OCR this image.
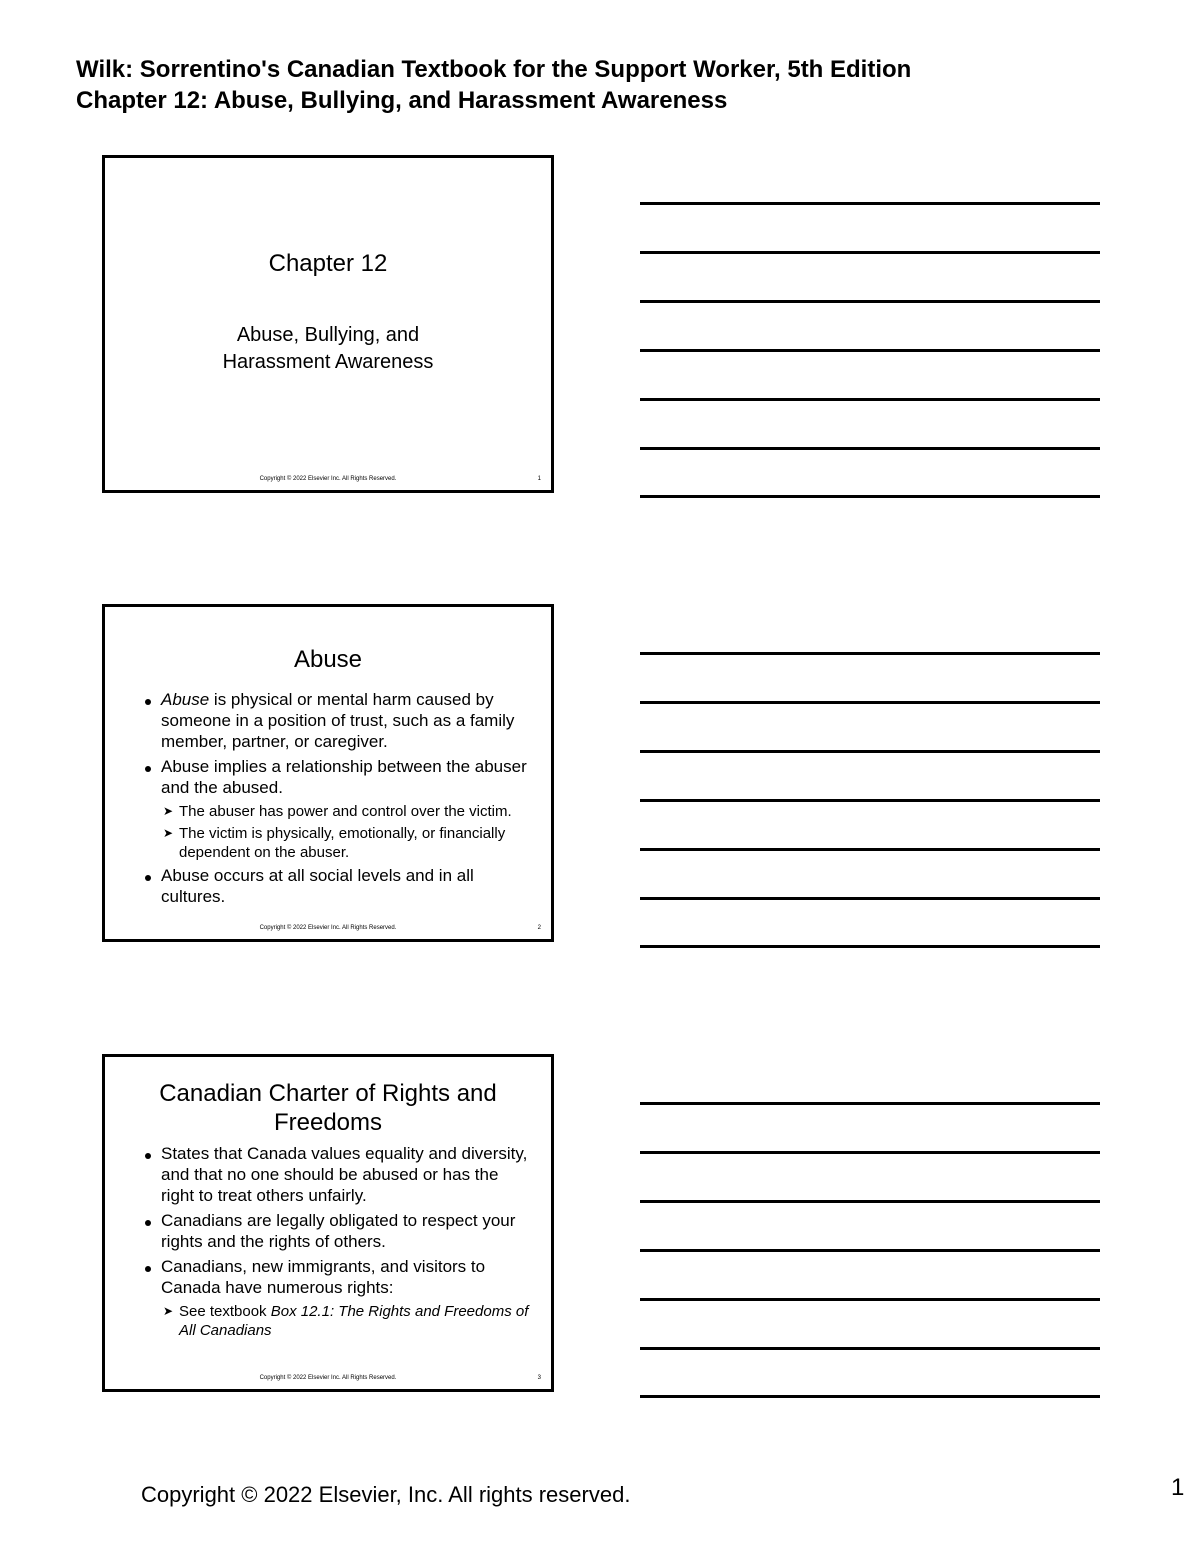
Wilk: Sorrentino's Canadian Textbook for the Support Worker, 5th Edition
Chapter 12: Abuse, Bullying, and Harassment Awareness
Chapter 12
Abuse, Bullying, and
Harassment Awareness
Copyright © 2022 Elsevier Inc. All Rights Reserved.	1
Abuse
Abuse is physical or mental harm caused by someone in a position of trust, such as a family member, partner, or caregiver.
Abuse implies a relationship between the abuser and the abused.
➤ The abuser has power and control over the victim.
➤ The victim is physically, emotionally, or financially dependent on the abuser.
Abuse occurs at all social levels and in all cultures.
Copyright © 2022 Elsevier Inc. All Rights Reserved.	2
Canadian Charter of Rights and
Freedoms
States that Canada values equality and diversity, and that no one should be abused or has the right to treat others unfairly.
Canadians are legally obligated to respect your rights and the rights of others.
Canadians, new immigrants, and visitors to Canada have numerous rights:
➤ See textbook Box 12.1: The Rights and Freedoms of All Canadians
Copyright © 2022 Elsevier Inc. All Rights Reserved.	3
Copyright © 2022 Elsevier, Inc. All rights reserved.	1
